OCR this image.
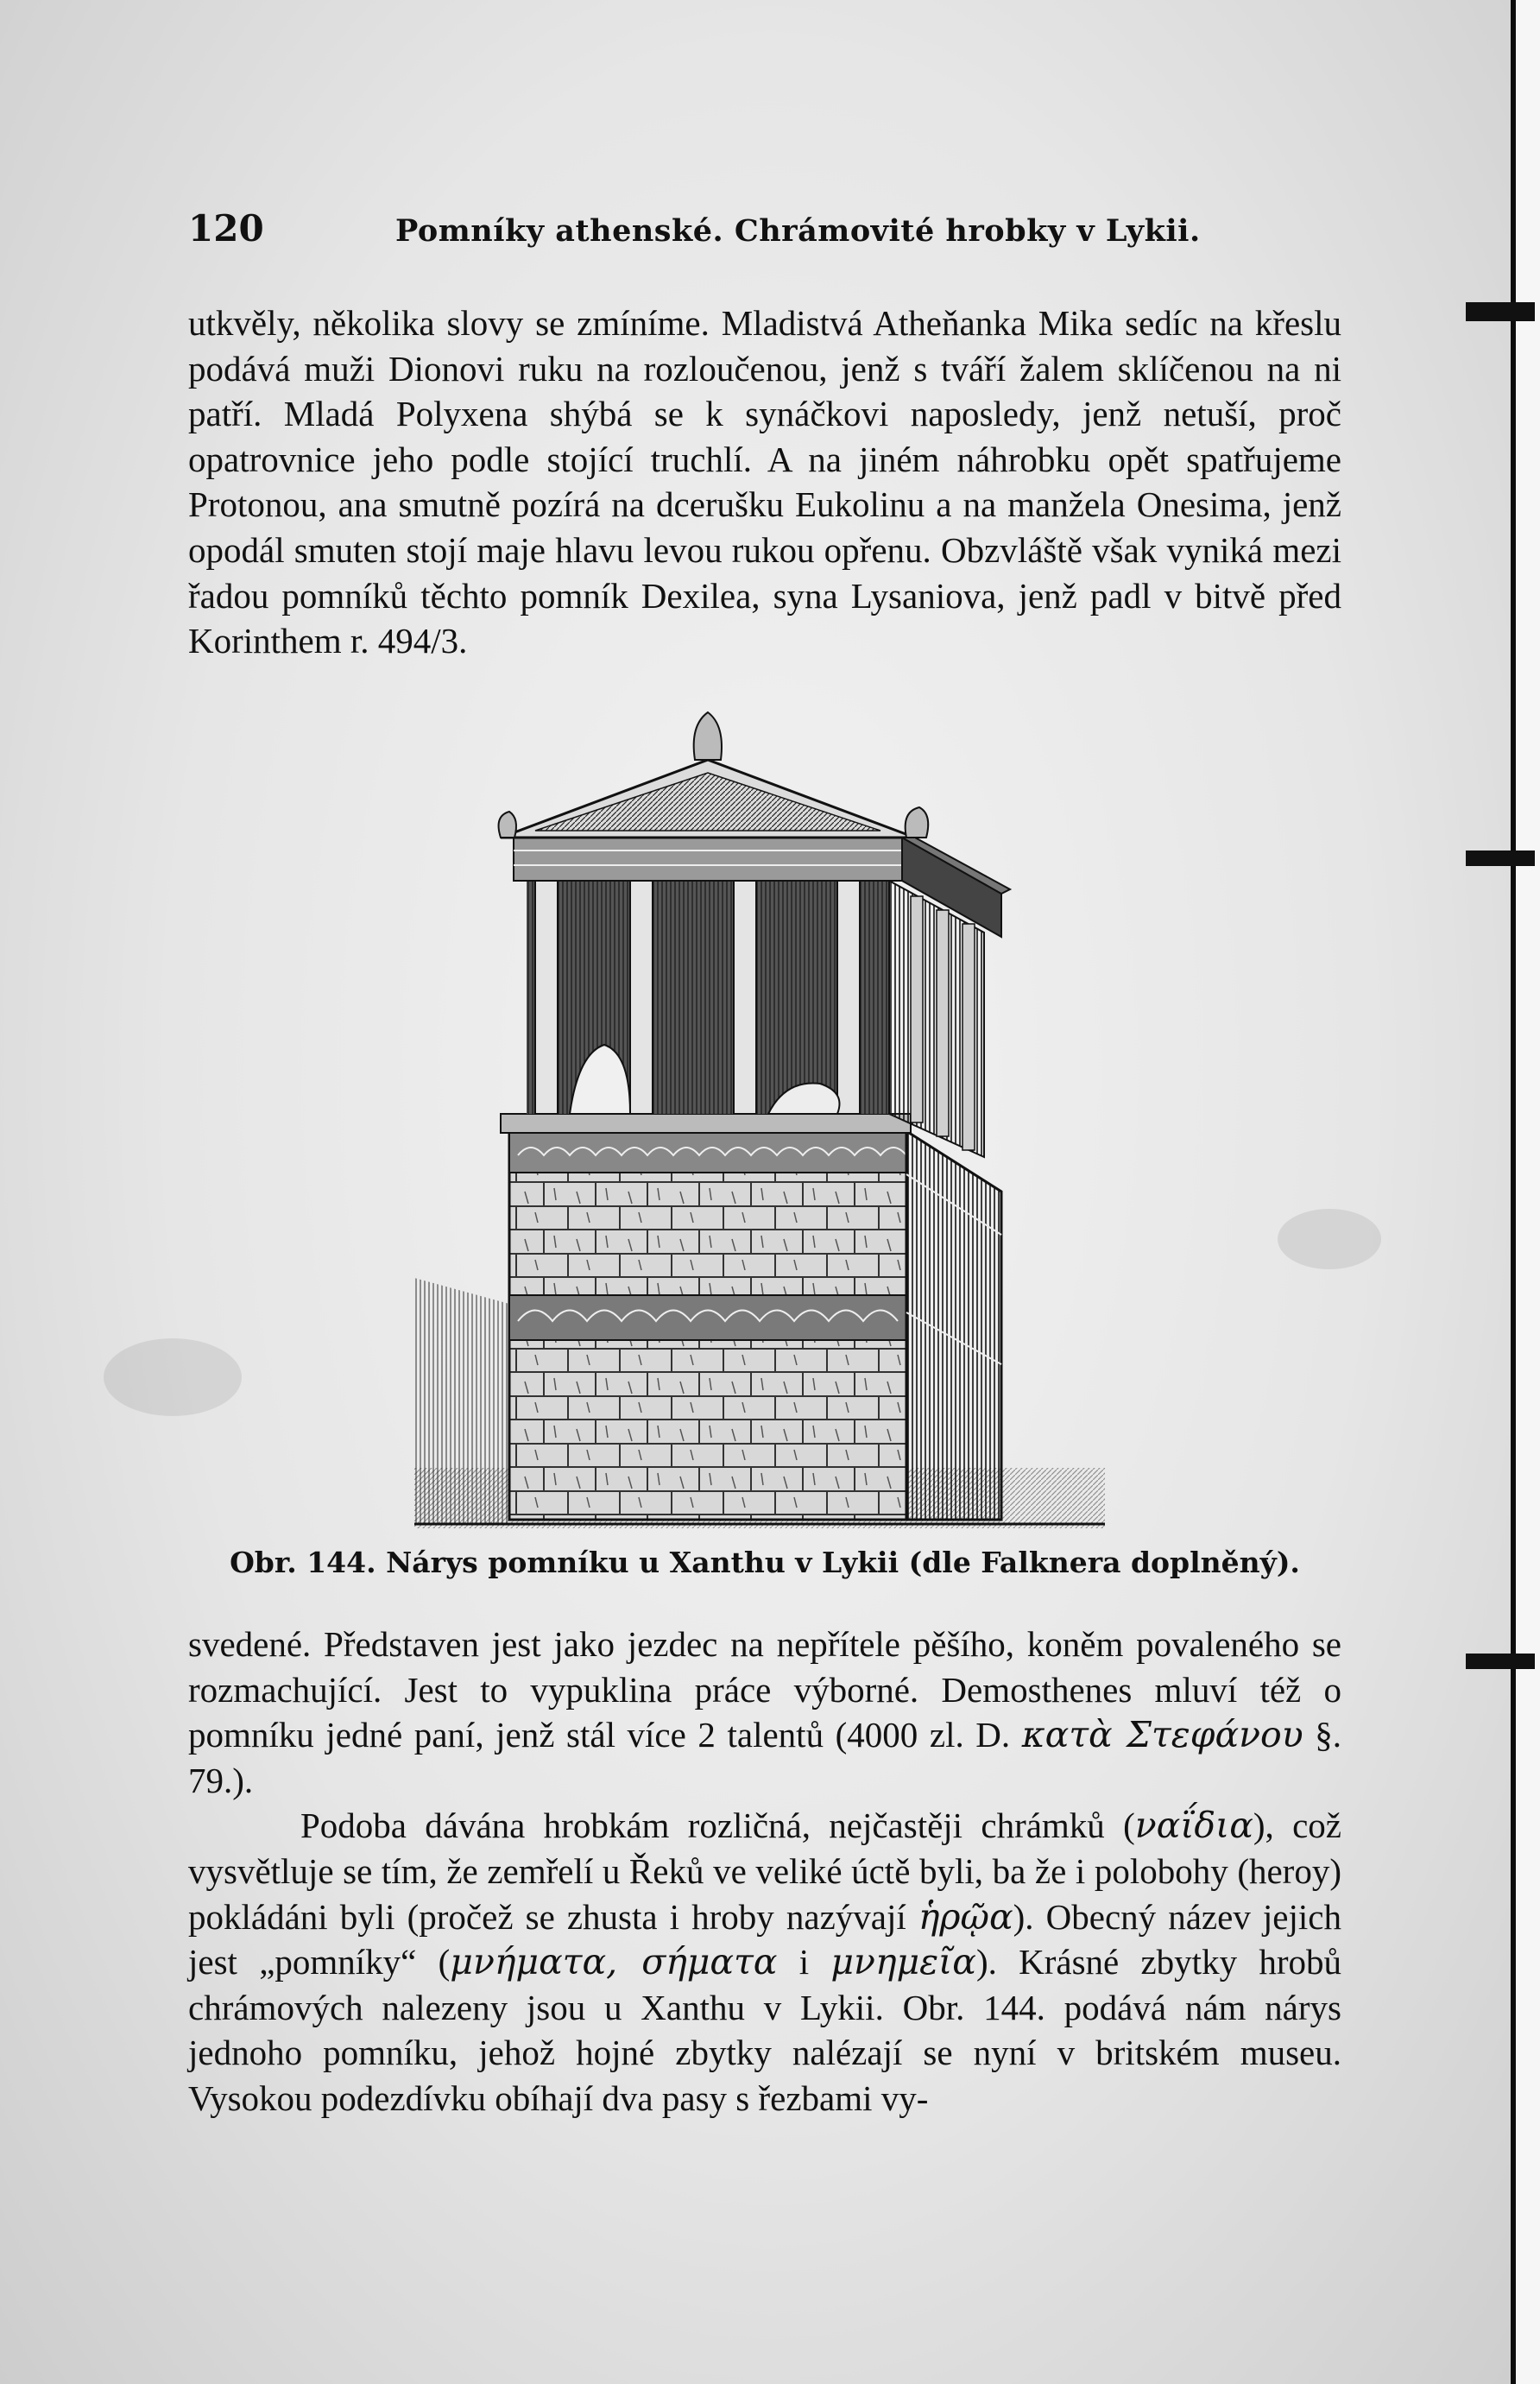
120	Pomníky athenské. Chrámovité hrobky v Lykii.

utkvěly, několika slovy se zmíníme. Mladistvá Atheňanka Mika sedíc na křeslu podává muži Dionovi ruku na rozloučenou, jenž s tváří žalem sklíčenou na ni patří. Mladá Polyxena shýbá se k synáčkovi naposledy, jenž netuší, proč opatrovnice jeho podle stojící truchlí. A na jiném náhrobku opět spatřujeme Protonou, ana smutně pozírá na dcerušku Eukolinu a na manžela Onesima, jenž opodál smuten stojí maje hlavu levou rukou opřenu. Obzvláště však vyniká mezi řadou pomníků těchto pomník Dexilea, syna Lysaniova, jenž padl v bitvě před Korinthem r. 494/3.

Obr. 144. Nárys pomníku u Xanthu v Lykii (dle Falknera doplněný).

svedené. Představen jest jako jezdec na nepřítele pěšího, koněm povaleného se rozmachující. Jest to vypuklina práce výborné. Demosthenes mluví též o pomníku jedné paní, jenž stál více 2 talentů (4000 zl. D. κατὰ Στεφάνου §. 79.).

Podoba dávána hrobkám rozličná, nejčastěji chrámků (ναΐδια), což vysvětluje se tím, že zemřelí u Řeků ve veliké úctě byli, ba že i polobohy (heroy) pokládáni byli (pročež se zhusta i hroby nazývají ἡρῷα). Obecný název jejich jest „pomníky“ (μνήματα, σήματα i μνημεῖα). Krásné zbytky hrobů chrámových nalezeny jsou u Xanthu v Lykii. Obr. 144. podává nám nárys jednoho pomníku, jehož hojné zbytky nalézají se nyní v britském museu. Vysokou podezdívku obíhají dva pasy s řezbami vy-
